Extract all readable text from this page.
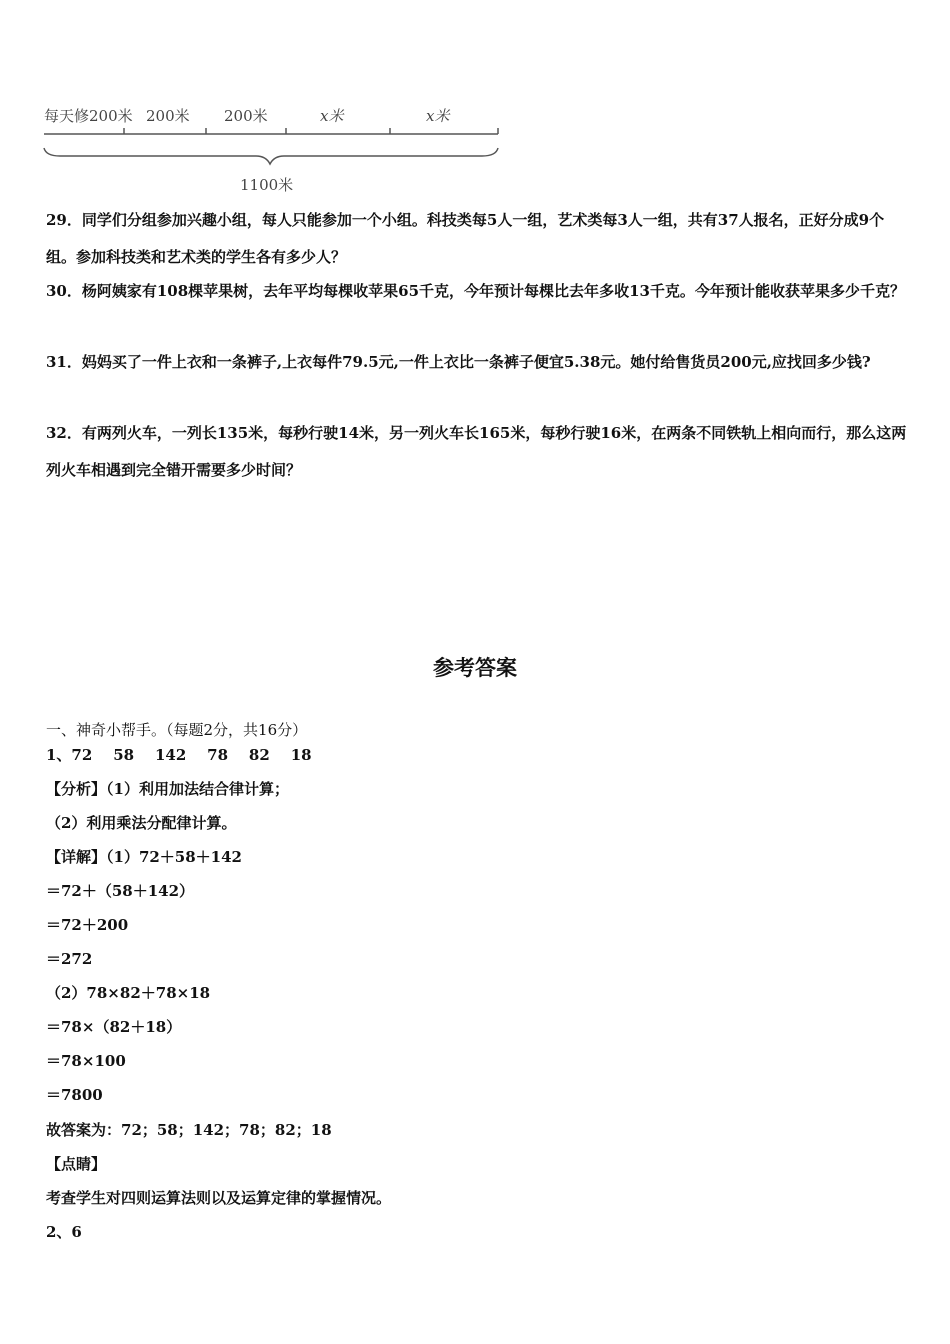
每天修200米 200米 200米	x米	x米
1100米

29．同学们分组参加兴趣小组，每人只能参加一个小组。科技类每5人一组，艺术类每3人一组，共有37人报名，正好分成9个组。参加科技类和艺术类的学生各有多少人？

30．杨阿姨家有108棵苹果树，去年平均每棵收苹果65千克，今年预计每棵比去年多收13千克。今年预计能收获苹果多少千克？

31．妈妈买了一件上衣和一条裤子,上衣每件79.5元,一件上衣比一条裤子便宜5.38元。她付给售货员200元,应找回多少钱?

32．有两列火车，一列长135米，每秒行驶14米，另一列火车长165米，每秒行驶16米，在两条不同铁轨上相向而行，那么这两列火车相遇到完全错开需要多少时间？

参考答案
一、神奇小帮手。（每题2分，共16分）
1、72    58    142    78    82    18
【分析】（1）利用加法结合律计算；
（2）利用乘法分配律计算。
【详解】（1）72＋58＋142
＝72＋（58＋142）
＝72＋200
＝272
（2）78×82＋78×18
＝78×（82＋18）
＝78×100
＝7800
故答案为：72；58；142；78；82；18
【点睛】
考查学生对四则运算法则以及运算定律的掌握情况。
2、6
